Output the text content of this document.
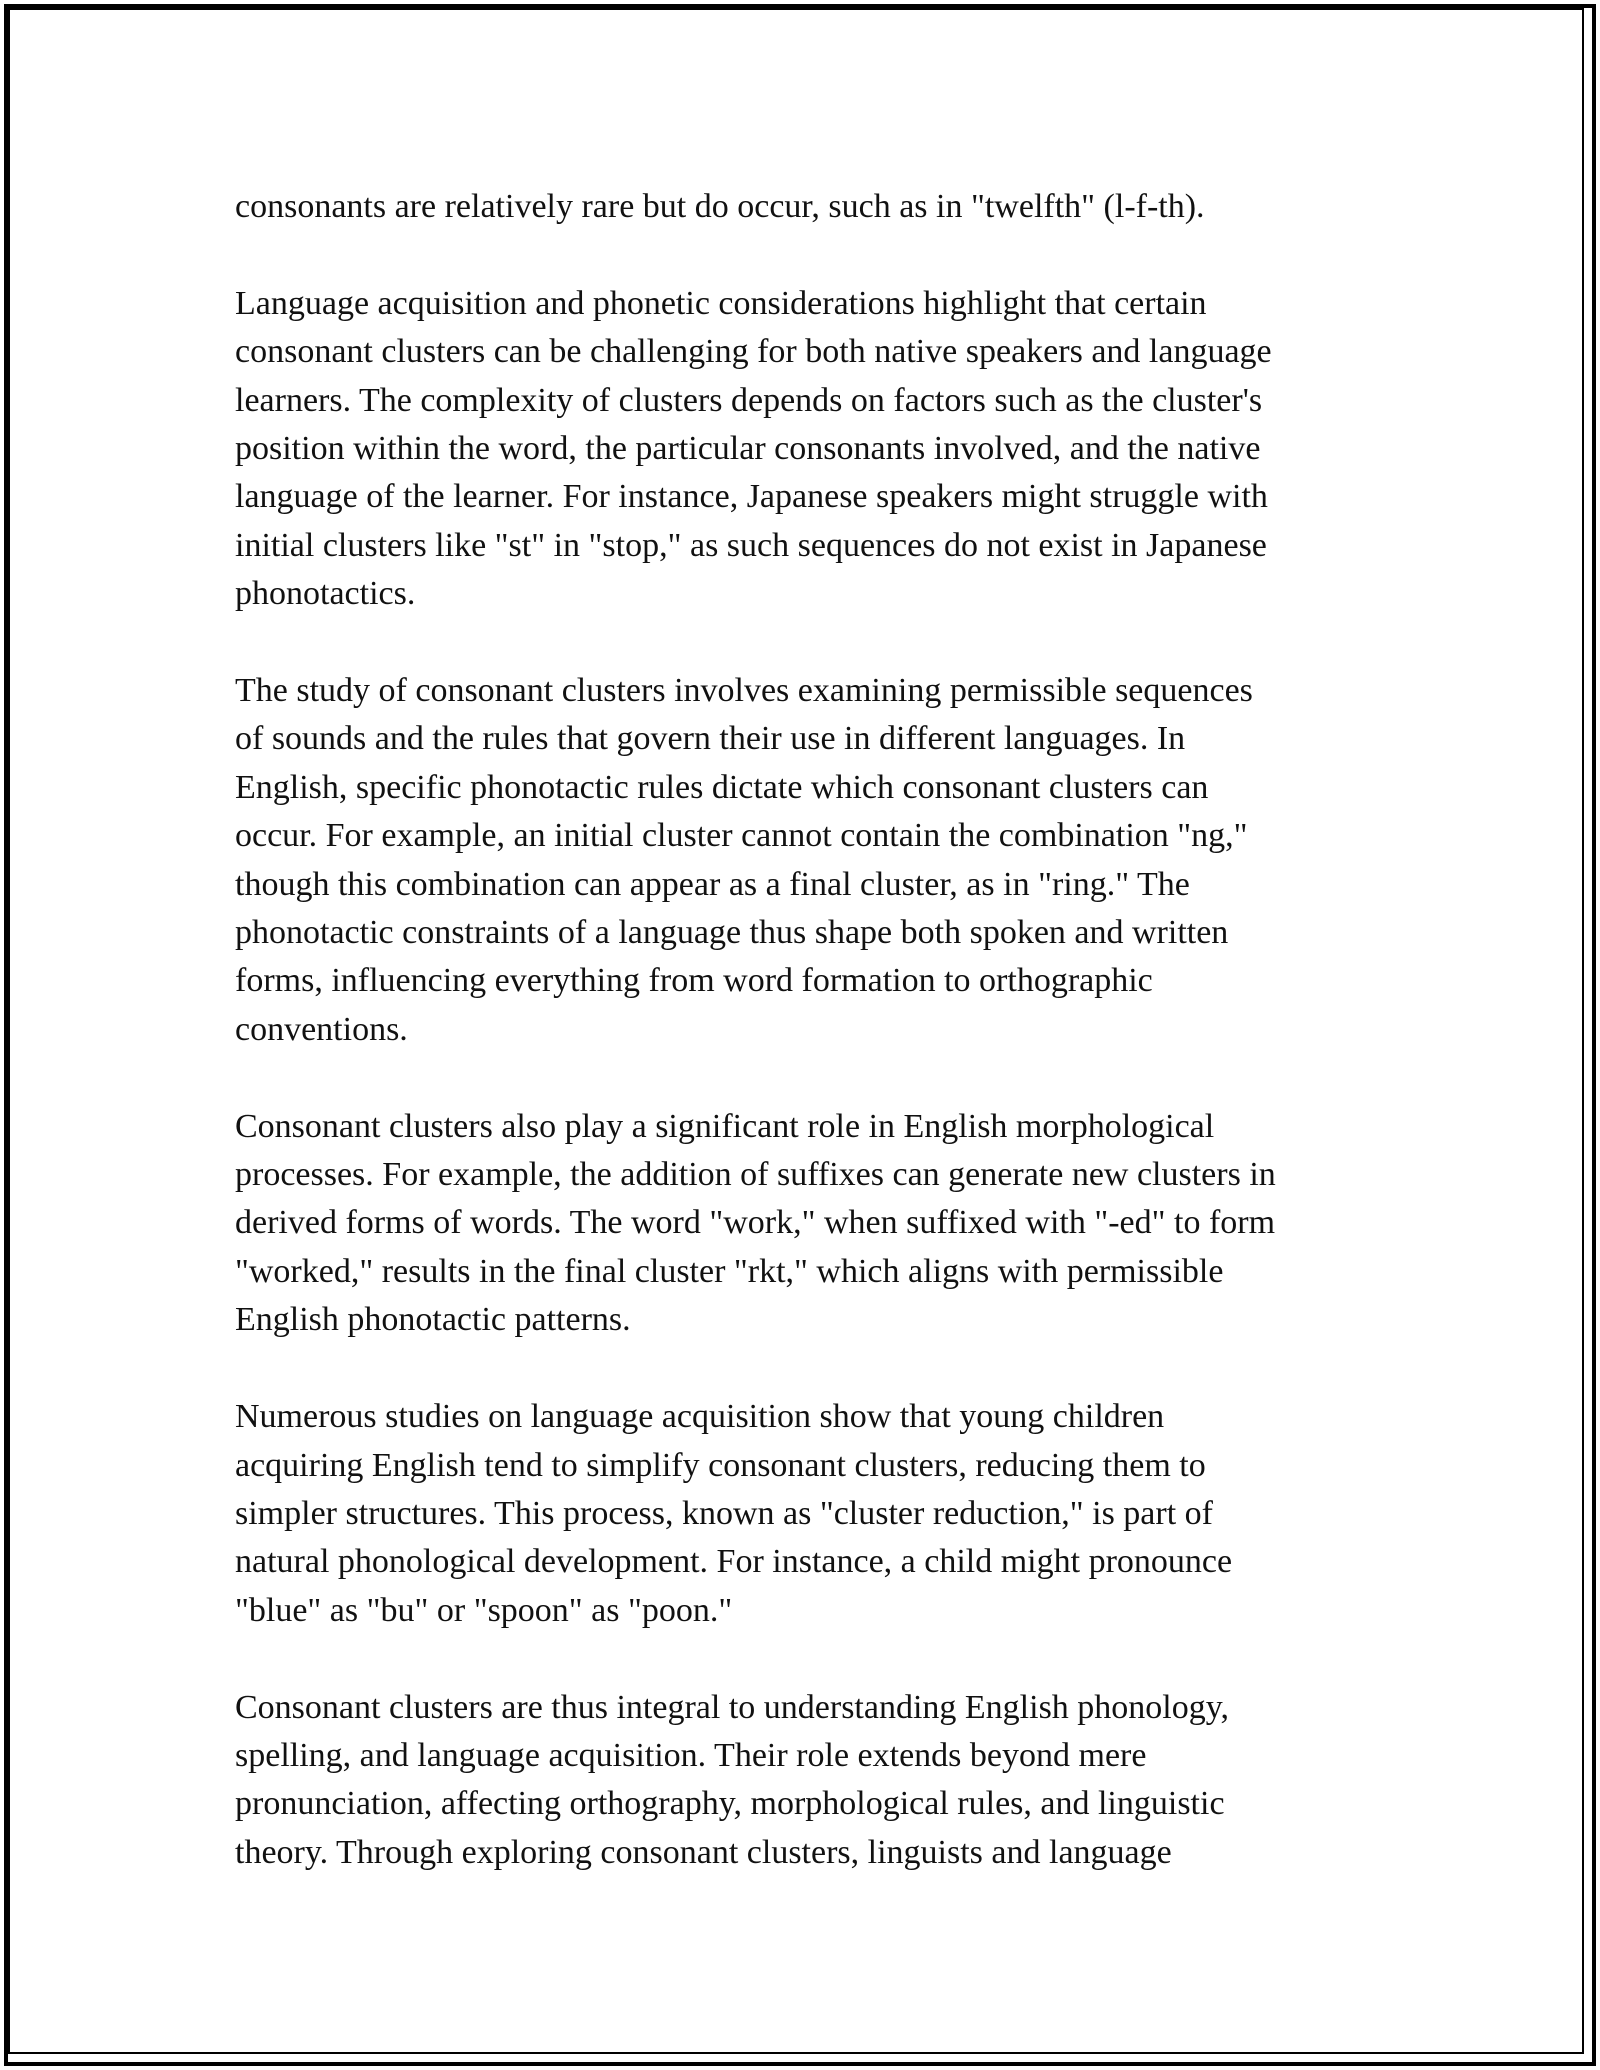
consonants are relatively rare but do occur, such as in "twelfth" (l-f-th).

Language acquisition and phonetic considerations highlight that certain
consonant clusters can be challenging for both native speakers and language
learners. The complexity of clusters depends on factors such as the cluster's
position within the word, the particular consonants involved, and the native
language of the learner. For instance, Japanese speakers might struggle with
initial clusters like "st" in "stop," as such sequences do not exist in Japanese
phonotactics.

The study of consonant clusters involves examining permissible sequences
of sounds and the rules that govern their use in different languages. In
English, specific phonotactic rules dictate which consonant clusters can
occur. For example, an initial cluster cannot contain the combination "ng,"
though this combination can appear as a final cluster, as in "ring." The
phonotactic constraints of a language thus shape both spoken and written
forms, influencing everything from word formation to orthographic
conventions.

Consonant clusters also play a significant role in English morphological
processes. For example, the addition of suffixes can generate new clusters in
derived forms of words. The word "work," when suffixed with "-ed" to form
"worked," results in the final cluster "rkt," which aligns with permissible
English phonotactic patterns.

Numerous studies on language acquisition show that young children
acquiring English tend to simplify consonant clusters, reducing them to
simpler structures. This process, known as "cluster reduction," is part of
natural phonological development. For instance, a child might pronounce
"blue" as "bu" or "spoon" as "poon."

Consonant clusters are thus integral to understanding English phonology,
spelling, and language acquisition. Their role extends beyond mere
pronunciation, affecting orthography, morphological rules, and linguistic
theory. Through exploring consonant clusters, linguists and language
